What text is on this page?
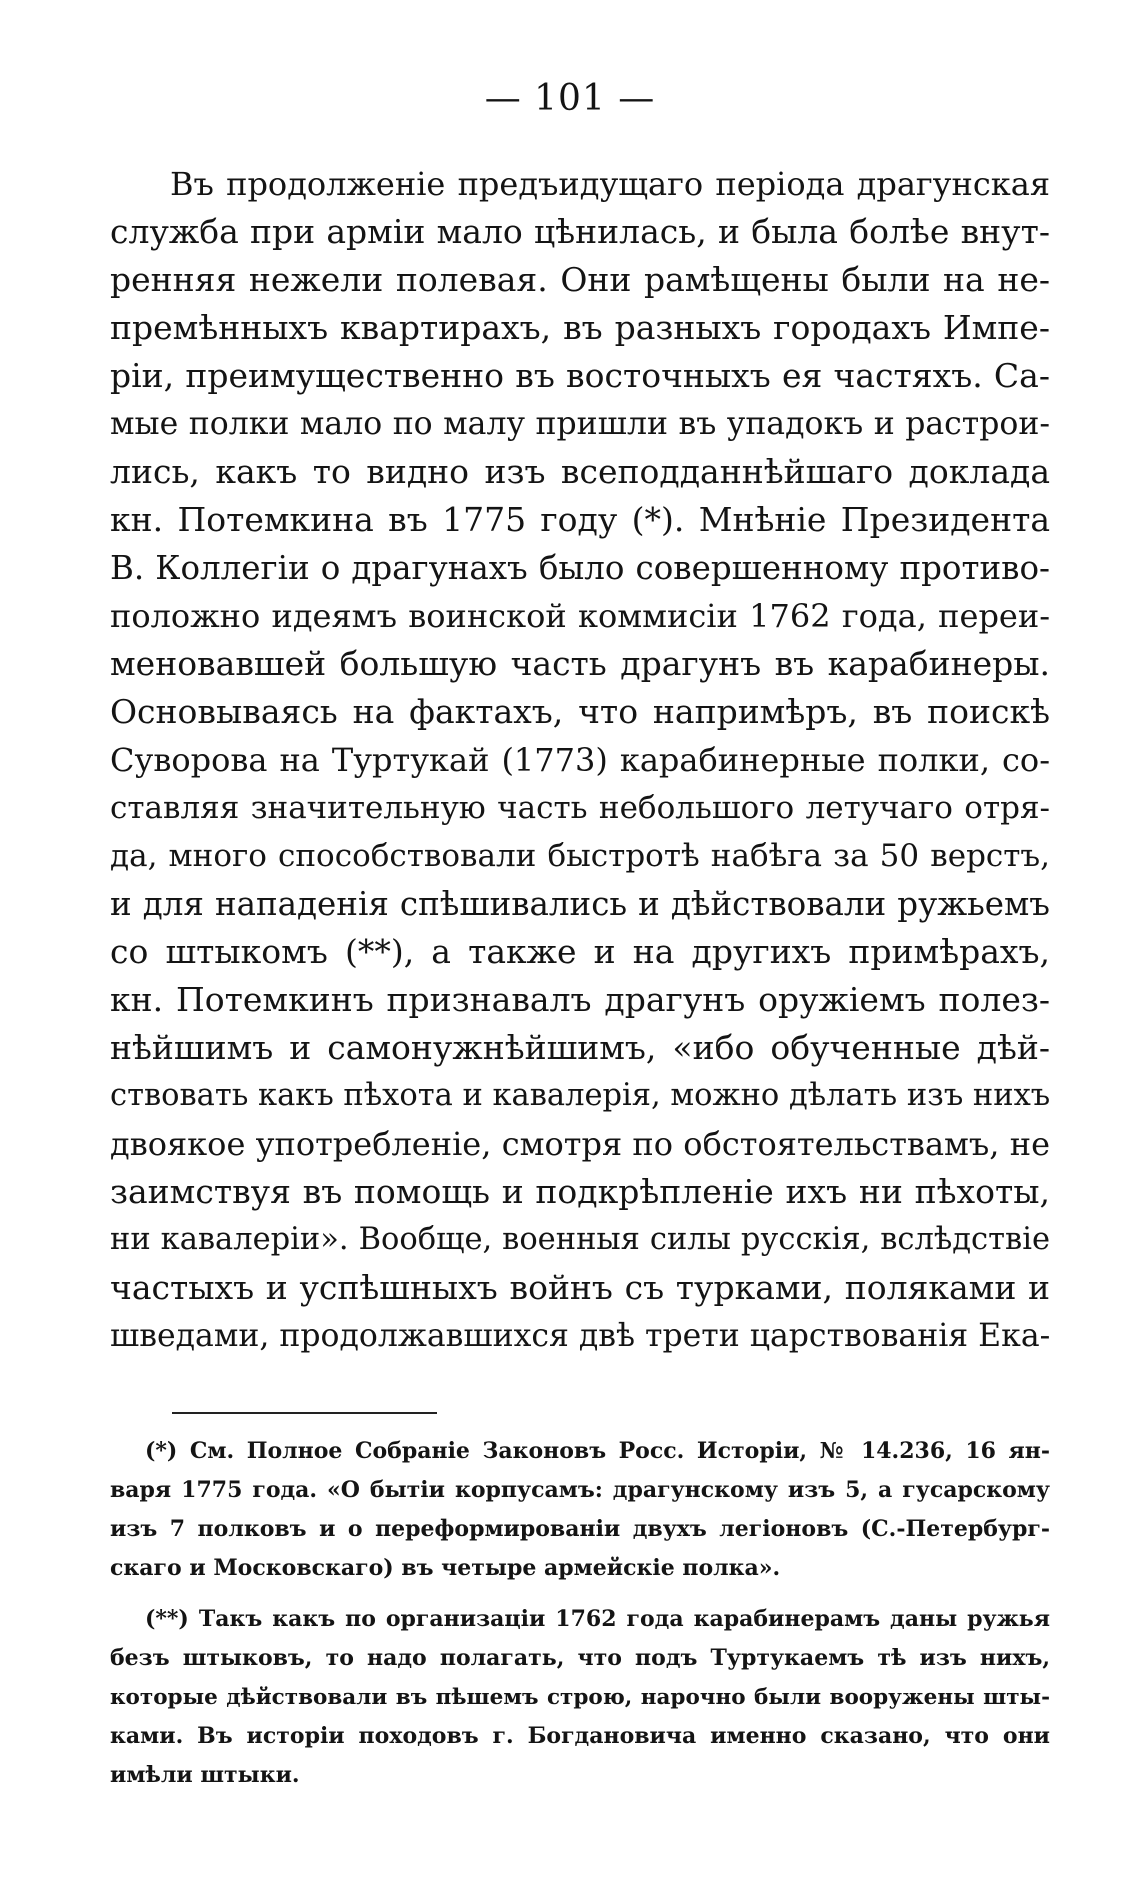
— 101 —
Въ продолженіе предъидущаго періода драгунская
служба при арміи мало цѣнилась, и была болѣе внут-
ренняя нежели полевая. Они рамѣщены были на не-
премѣнныхъ квартирахъ, въ разныхъ городахъ Импе-
ріи, преимущественно въ восточныхъ ея частяхъ. Са-
мые полки мало по малу пришли въ упадокъ и растрои-
лись, какъ то видно изъ всеподданнѣйшаго доклада
кн. Потемкина въ 1775 году (*). Мнѣніе Президента
В. Коллегіи о драгунахъ было совершенному противо-
положно идеямъ воинской коммисіи 1762 года, переи-
меновавшей большую часть драгунъ въ карабинеры.
Основываясь на фактахъ, что напримѣръ, въ поискѣ
Суворова на Туртукай (1773) карабинерные полки, со-
ставляя значительную часть небольшого летучаго отря-
да, много способствовали быстротѣ набѣга за 50 верстъ,
и для нападенія спѣшивались и дѣйствовали ружьемъ
со штыкомъ (**), а также и на другихъ примѣрахъ,
кн. Потемкинъ признавалъ драгунъ оружіемъ полез-
нѣйшимъ и самонужнѣйшимъ, «ибо обученные дѣй-
ствовать какъ пѣхота и кавалерія, можно дѣлать изъ нихъ
двоякое употребленіе, смотря по обстоятельствамъ, не
заимствуя въ помощь и подкрѣпленіе ихъ ни пѣхоты,
ни кавалеріи». Вообще, военныя силы русскія, вслѣдствіе
частыхъ и успѣшныхъ войнъ съ турками, поляками и
шведами, продолжавшихся двѣ трети царствованія Ека-
(*) См. Полное Собраніе Законовъ Росс. Исторіи, № 14.236, 16 ян-
варя 1775 года. «О бытіи корпусамъ: драгунскому изъ 5, а гусарскому
изъ 7 полковъ и о переформированіи двухъ легіоновъ (С.-Петербург-
скаго и Московскаго) въ четыре армейскіе полка».
(**) Такъ какъ по организаціи 1762 года карабинерамъ даны ружья
безъ штыковъ, то надо полагать, что подъ Туртукаемъ тѣ изъ нихъ,
которые дѣйствовали въ пѣшемъ строю, нарочно были вооружены шты-
ками. Въ исторіи походовъ г. Богдановича именно сказано, что они
имѣли штыки.
